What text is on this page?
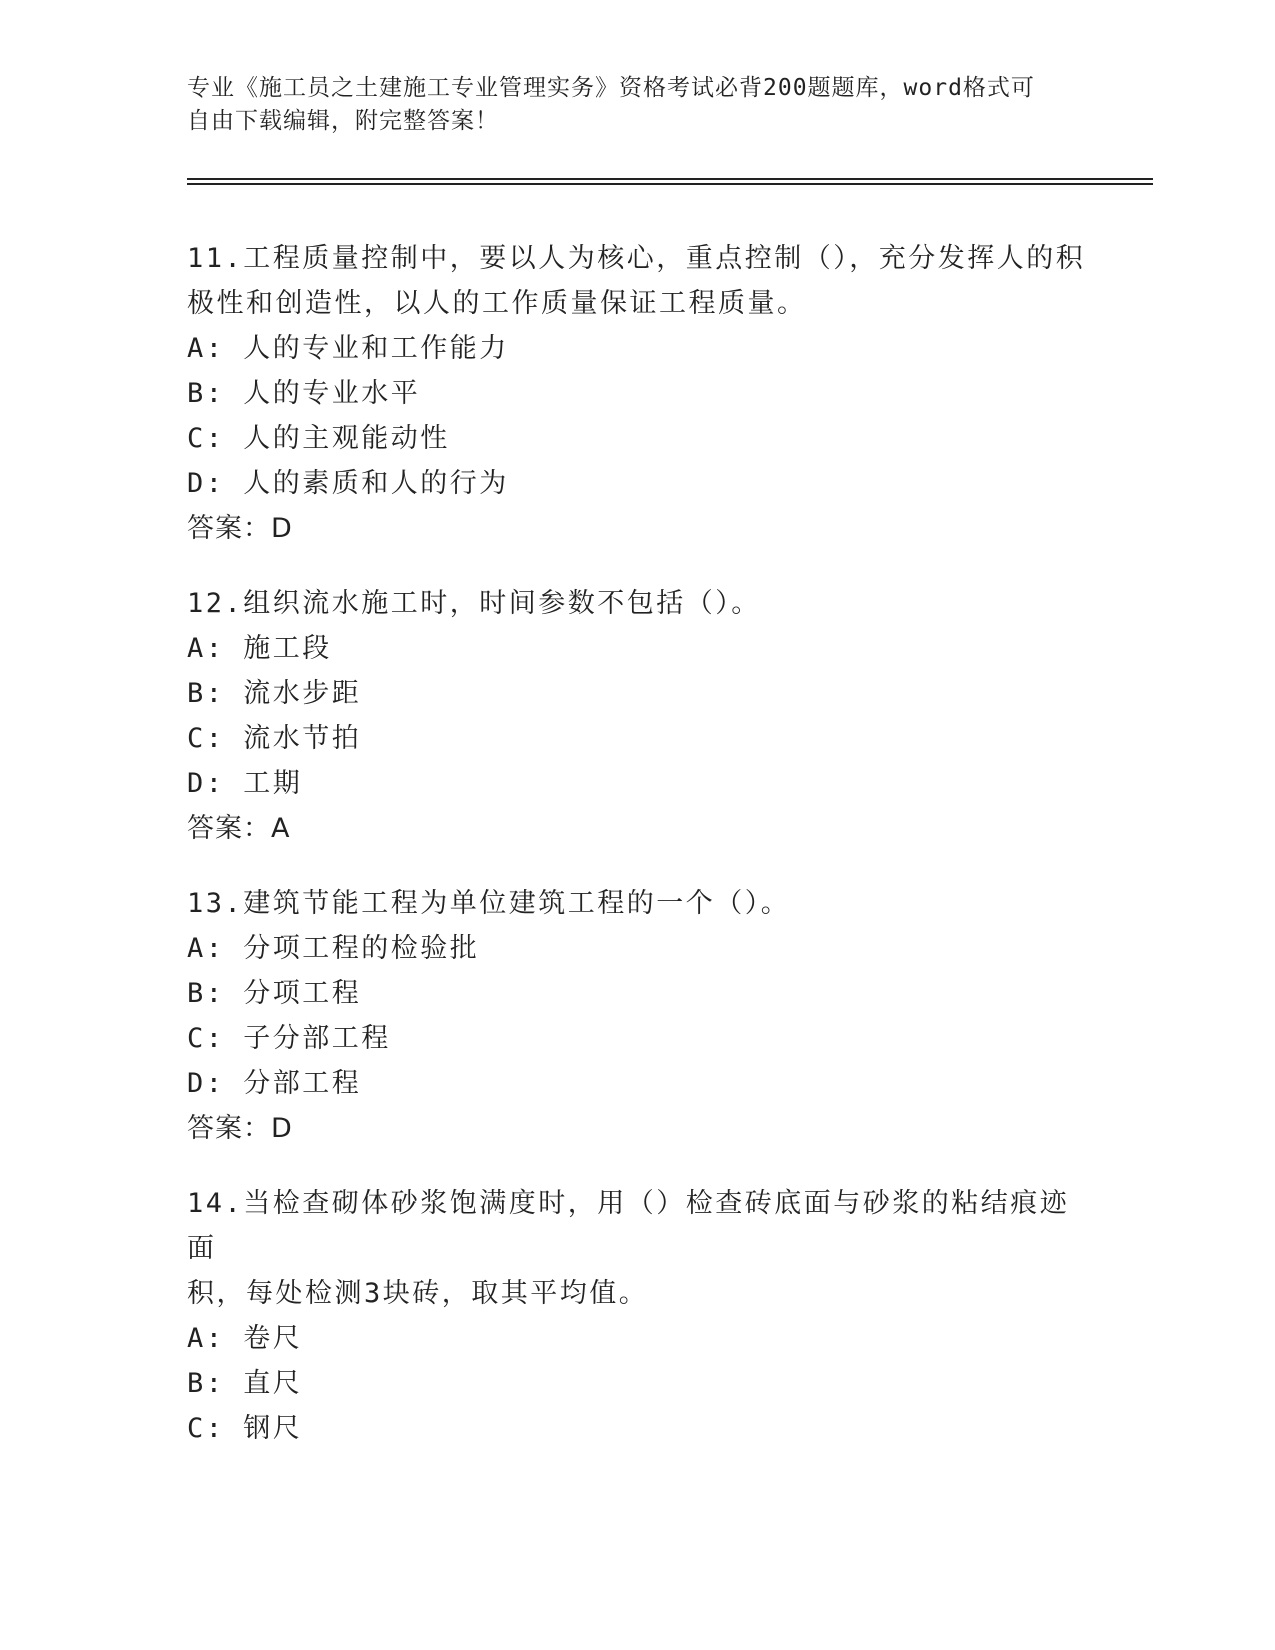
专业《施工员之土建施工专业管理实务》资格考试必背200题题库，word格式可
自由下载编辑，附完整答案！

11.工程质量控制中，要以人为核心，重点控制（），充分发挥人的积

极性和创造性，以人的工作质量保证工程质量。

A: 人的专业和工作能力

B: 人的专业水平

C: 人的主观能动性

D: 人的素质和人的行为

答案：D

12.组织流水施工时，时间参数不包括（）。

A: 施工段

B: 流水步距

C: 流水节拍

D: 工期

答案：A

13.建筑节能工程为单位建筑工程的一个（）。

A: 分项工程的检验批

B: 分项工程

C: 子分部工程

D: 分部工程

答案：D

14.当检查砌体砂浆饱满度时，用（）检查砖底面与砂浆的粘结痕迹面

积，每处检测3块砖，取其平均值。

A: 卷尺

B: 直尺

C: 钢尺
